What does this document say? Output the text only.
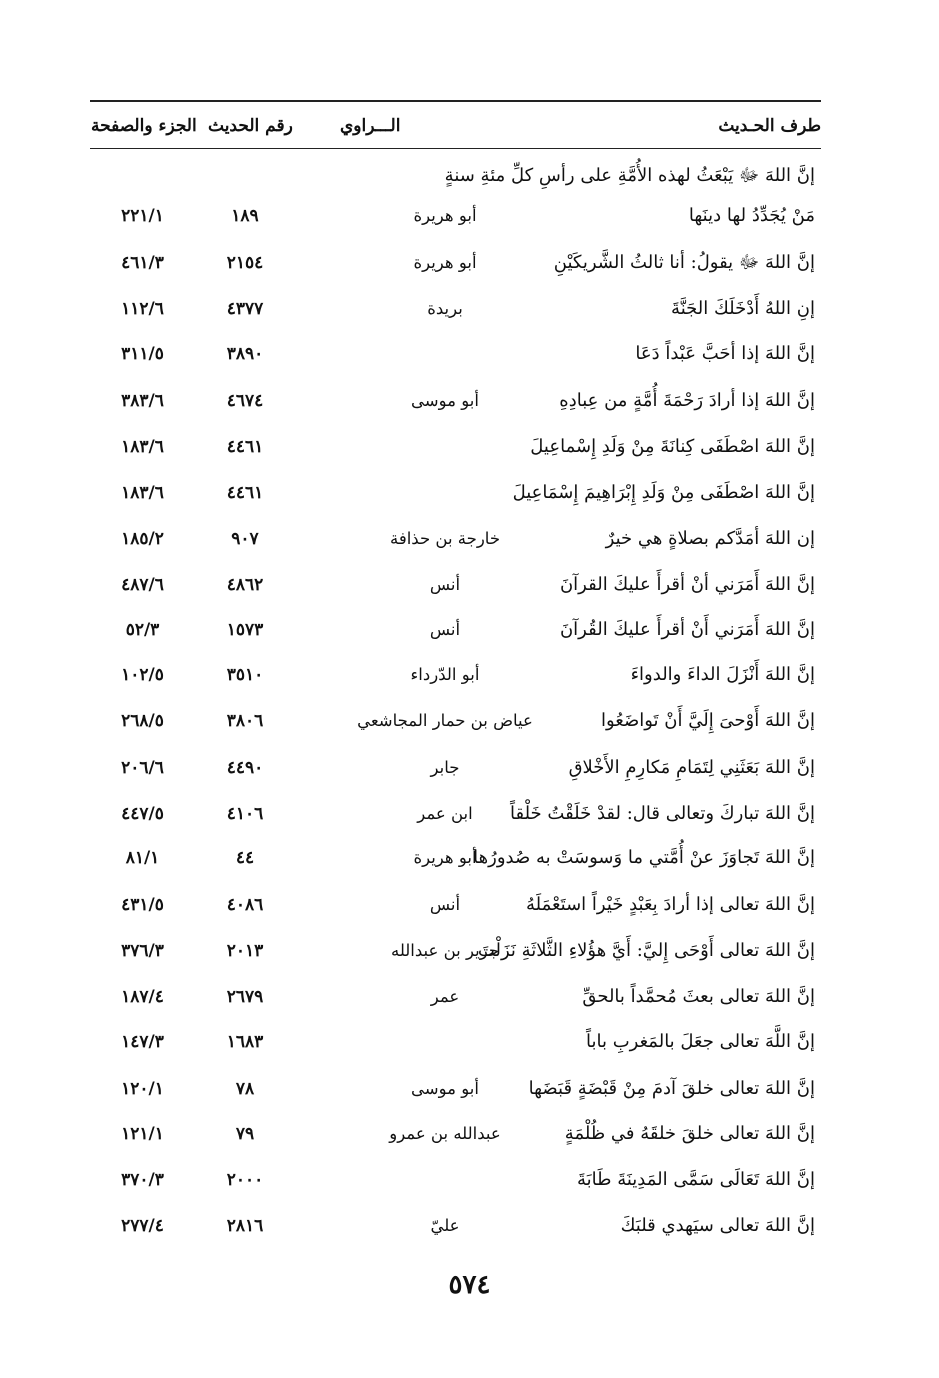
طرف الحـديث
الـــراوي
رقم الحديث
الجزء والصفحة
إنَّ اللهَ ﷻ يَبْعَثُ لهذه الأُمَّةِ على رأسِ كلِّ مئةِ سنةٍ
مَنْ يُجَدِّدُ لها دينَها
أبو هريرة
١٨٩
٢٢١/١
إنَّ اللهَ ﷻ يقولُ: أنا ثالثُ الشَّريكَيْنِ
أبو هريرة
٢١٥٤
٤٦١/٣
إنِ اللهُ أَدْخَلَكَ الجَنَّةَ
بريدة
٤٣٧٧
١١٢/٦
إنَّ اللهَ إذا أحَبَّ عَبْداً دَعَا
٣٨٩٠
٣١١/٥
إنَّ اللهَ إذا أرادَ رَحْمَةَ أُمَّةٍ من عِبادِهِ
أبو موسى
٤٦٧٤
٣٨٣/٦
إنَّ اللهَ اصْطَفَى كِنانَةَ مِنْ وَلَدِ إِسْماعِيلَ
٤٤٦١
١٨٣/٦
إنَّ اللهَ اصْطَفَى مِنْ وَلَدِ إِبْرَاهِيمَ إِسْمَاعِيلَ
٤٤٦١
١٨٣/٦
إن اللهَ أمَدَّكم بصلاةٍ هي خيرٌ
خارجة بن حذافة
٩٠٧
١٨٥/٢
إنَّ اللهَ أَمَرَني أنْ أقرأَ عليكَ القرآنَ
أنس
٤٨٦٢
٤٨٧/٦
إنَّ اللهَ أَمَرَني أَنْ أقرأَ عليكَ القُرآنَ
أنس
١٥٧٣
٥٢/٣
إنَّ اللهَ أَنْزَلَ الداءَ والدواءَ
أبو الدّرداء
٣٥١٠
١٠٢/٥
إنَّ اللهَ أَوْحىَ إِلَيَّ أَنْ تَواضَعُوا
عياض بن حمار المجاشعي
٣٨٠٦
٢٦٨/٥
إنَّ اللهَ بَعَثَنِي لِتَمَامِ مَكارِمِ الأَخْلاقِ
جابر
٤٤٩٠
٢٠٦/٦
إنَّ اللهَ تباركَ وتعالى قال: لقدْ خَلَقْتُ خَلْقاً
ابن عمر
٤١٠٦
٤٤٧/٥
إنَّ اللهَ تَجاوَزَ عنْ أُمَّتي ما وَسوسَتْ به صُدورُها
أبو هريرة
٤٤
٨١/١
إنَّ اللهَ تعالى إذا أرادَ بِعَبْدٍ خَيْراً استَعْمَلَهُ
أنس
٤٠٨٦
٤٣١/٥
إنَّ اللهَ تعالى أَوْحَى إِليَّ: أَيَّ هؤُلاءِ الثَّلاثَةِ نَزَلْتَ
جرير بن عبدالله
٢٠١٣
٣٧٦/٣
إنَّ اللهَ تعالى بعثَ مُحمَّداً بالحقِّ
عمر
٢٦٧٩
١٨٧/٤
إنَّ اللَّهَ تعالى جعَلَ بالمَغربِ باباً
١٦٨٣
١٤٧/٣
إنَّ اللهَ تعالى خلقَ آدمَ مِنْ قَبْضَةٍ قَبَضَها
أبو موسى
٧٨
١٢٠/١
إنَّ اللهَ تعالى خلقَ خلقَهُ في ظُلْمَةٍ
عبدالله بن عمرو
٧٩
١٢١/١
إنَّ اللهَ تَعَالَى سَمَّى المَدِينَةَ طَابَةَ
٢٠٠٠
٣٧٠/٣
إنَّ اللهَ تعالى سيَهدي قلبَكَ
عليّ
٢٨١٦
٢٧٧/٤
٥٧٤
